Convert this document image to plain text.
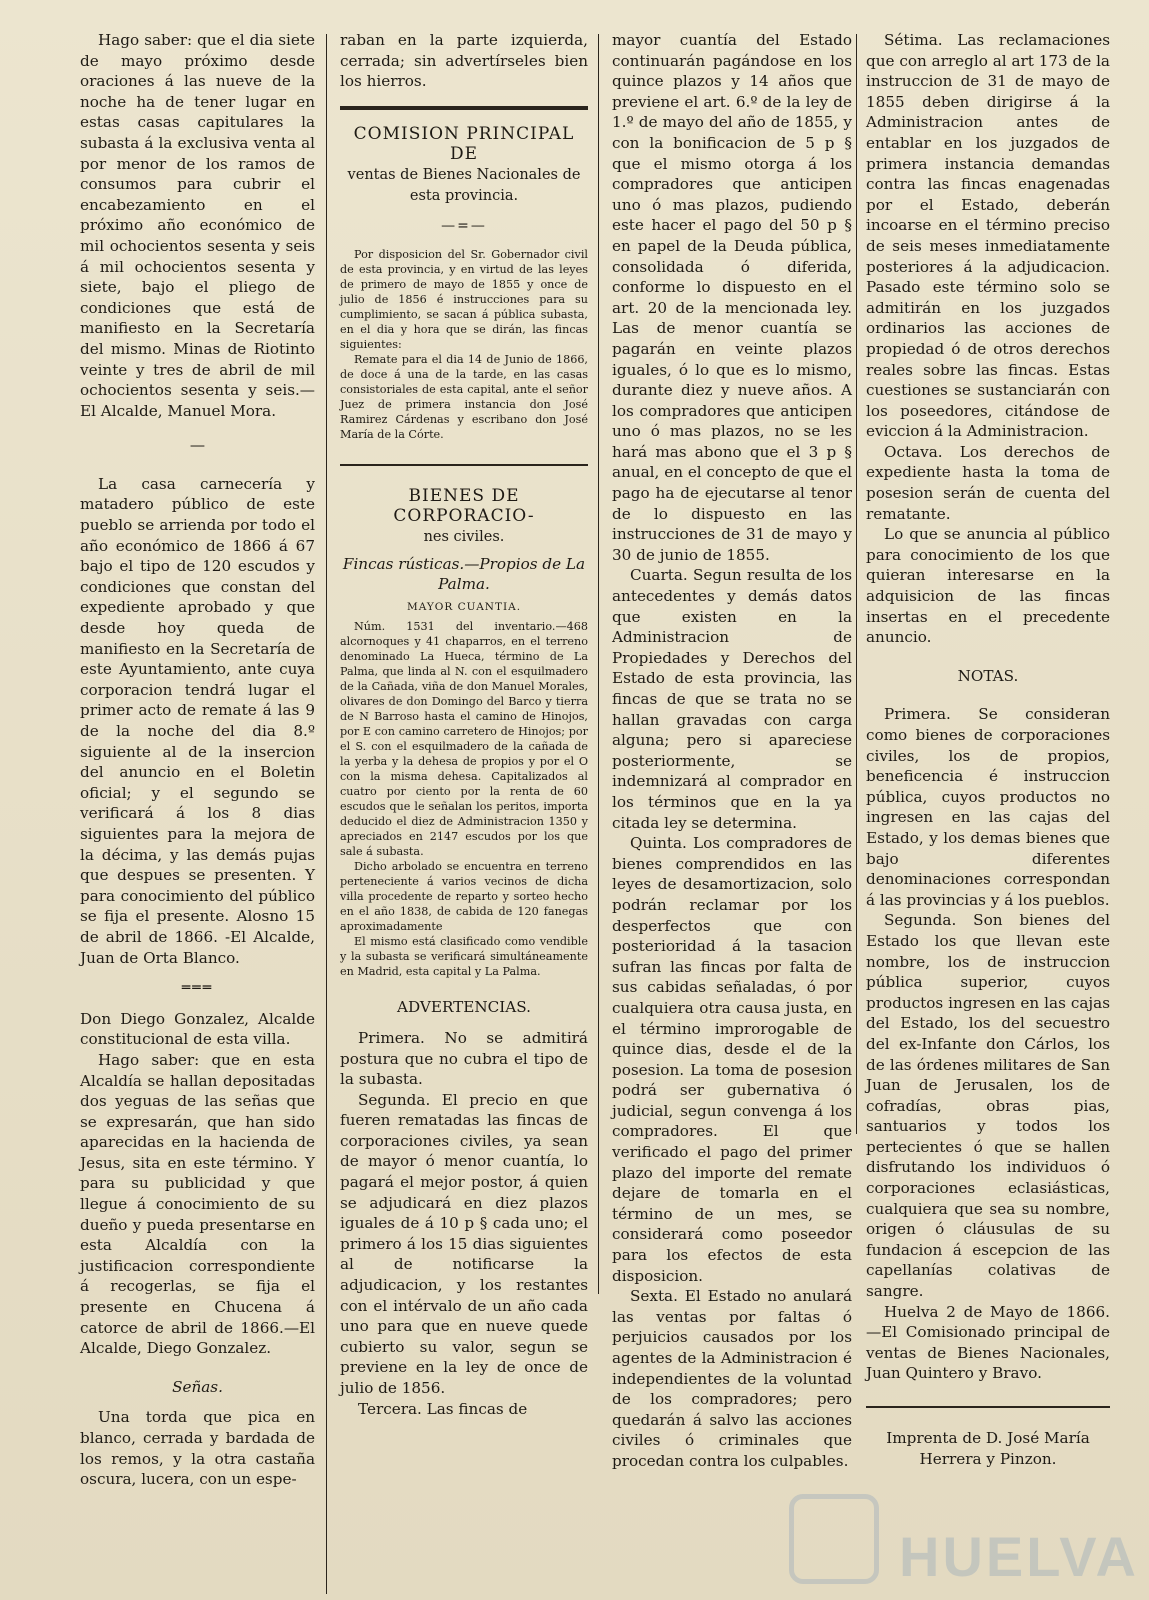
Hago saber: que el dia siete de mayo próximo desde oraciones á las nueve de la noche ha de tener lugar en estas casas capitulares la subasta á la exclusiva venta al por menor de los ramos de consumos para cubrir el encabezamiento en el próximo año económico de mil ochocientos sesenta y seis á mil ochocientos sesenta y siete, bajo el pliego de condiciones que está de manifiesto en la Secretaría del mismo. Minas de Riotinto veinte y tres de abril de mil ochocientos sesenta y seis.—El Alcalde, Manuel Mora.

—

La casa carnecería y matadero público de este pueblo se arrienda por todo el año económico de 1866 á 67 bajo el tipo de 120 escudos y condiciones que constan del expediente aprobado y que desde hoy queda de manifiesto en la Secretaría de este Ayuntamiento, ante cuya corporacion tendrá lugar el primer acto de remate á las 9 de la noche del dia 8.º siguiente al de la insercion del anuncio en el Boletin oficial; y el segundo se verificará á los 8 dias siguientes para la mejora de la décima, y las demás pujas que despues se presenten. Y para conocimiento del público se fija el presente. Alosno 15 de abril de 1866. -El Alcalde, Juan de Orta Blanco.

═══

Don Diego Gonzalez, Alcalde constitucional de esta villa.

Hago saber: que en esta Alcaldía se hallan depositadas dos yeguas de las señas que se expresarán, que han sido aparecidas en la hacienda de Jesus, sita en este término. Y para su publicidad y que llegue á conocimiento de su dueño y pueda presentarse en esta Alcaldía con la justificacion correspondiente á recogerlas, se fija el presente en Chucena á catorce de abril de 1866.—El Alcalde, Diego Gonzalez.

Señas.

Una torda que pica en blanco, cerrada y bardada de los remos, y la otra castaña oscura, lucera, con un espe-

raban en la parte izquierda, cerrada; sin advertírseles bien los hierros.

COMISION PRINCIPAL DE

ventas de Bienes Nacionales de esta provincia.

—=—

Por disposicion del Sr. Gobernador civil de esta provincia, y en virtud de las leyes de primero de mayo de 1855 y once de julio de 1856 é instrucciones para su cumplimiento, se sacan á pública subasta, en el dia y hora que se dirán, las fincas siguientes:

Remate para el dia 14 de Junio de 1866, de doce á una de la tarde, en las casas consistoriales de esta capital, ante el señor Juez de primera instancia don José Ramirez Cárdenas y escribano don José María de la Córte.

BIENES DE CORPORACIO-

nes civiles.

Fincas rústicas.—Propios de La Palma.

MAYOR CUANTIA.

Núm. 1531 del inventario.—468 alcornoques y 41 chaparros, en el terreno denominado La Hueca, término de La Palma, que linda al N. con el esquilmadero de la Cañada, viña de don Manuel Morales, olivares de don Domingo del Barco y tierra de N Barroso hasta el camino de Hinojos, por E con camino carretero de Hinojos; por el S. con el esquilmadero de la cañada de la yerba y la dehesa de propios y por el O con la misma dehesa. Capitalizados al cuatro por ciento por la renta de 60 escudos que le señalan los peritos, importa deducido el diez de Administracion 1350 y apreciados en 2147 escudos por los que sale á subasta.

Dicho arbolado se encuentra en terreno perteneciente á varios vecinos de dicha villa procedente de reparto y sorteo hecho en el año 1838, de cabida de 120 fanegas aproximadamente

El mismo está clasificado como vendible y la subasta se verificará simultáneamente en Madrid, esta capital y La Palma.

ADVERTENCIAS.

Primera. No se admitirá postura que no cubra el tipo de la subasta.

Segunda. El precio en que fueren rematadas las fincas de corporaciones civiles, ya sean de mayor ó menor cuantía, lo pagará el mejor postor, á quien se adjudicará en diez plazos iguales de á 10 p § cada uno; el primero á los 15 dias siguientes al de notificarse la adjudicacion, y los restantes con el intérvalo de un año cada uno para que en nueve quede cubierto su valor, segun se previene en la ley de once de julio de 1856.

Tercera. Las fincas de

mayor cuantía del Estado continuarán pagándose en los quince plazos y 14 años que previene el art. 6.º de la ley de 1.º de mayo del año de 1855, y con la bonificacion de 5 p § que el mismo otorga á los compradores que anticipen uno ó mas plazos, pudiendo este hacer el pago del 50 p § en papel de la Deuda pública, consolidada ó diferida, conforme lo dispuesto en el art. 20 de la mencionada ley. Las de menor cuantía se pagarán en veinte plazos iguales, ó lo que es lo mismo, durante diez y nueve años. A los compradores que anticipen uno ó mas plazos, no se les hará mas abono que el 3 p § anual, en el concepto de que el pago ha de ejecutarse al tenor de lo dispuesto en las instrucciones de 31 de mayo y 30 de junio de 1855.

Cuarta. Segun resulta de los antecedentes y demás datos que existen en la Administracion de Propiedades y Derechos del Estado de esta provincia, las fincas de que se trata no se hallan gravadas con carga alguna; pero si apareciese posteriormente, se indemnizará al comprador en los términos que en la ya citada ley se determina.

Quinta. Los compradores de bienes comprendidos en las leyes de desamortizacion, solo podrán reclamar por los desperfectos que con posterioridad á la tasacion sufran las fincas por falta de sus cabidas señaladas, ó por cualquiera otra causa justa, en el término improrogable de quince dias, desde el de la posesion. La toma de posesion podrá ser gubernativa ó judicial, segun convenga á los compradores. El que verificado el pago del primer plazo del importe del remate dejare de tomarla en el término de un mes, se considerará como poseedor para los efectos de esta disposicion.

Sexta. El Estado no anulará las ventas por faltas ó perjuicios causados por los agentes de la Administracion é independientes de la voluntad de los compradores; pero quedarán á salvo las acciones civiles ó criminales que procedan contra los culpables.

Sétima. Las reclamaciones que con arreglo al art 173 de la instruccion de 31 de mayo de 1855 deben dirigirse á la Administracion antes de entablar en los juzgados de primera instancia demandas contra las fincas enagenadas por el Estado, deberán incoarse en el término preciso de seis meses inmediatamente posteriores á la adjudicacion. Pasado este término solo se admitirán en los juzgados ordinarios las acciones de propiedad ó de otros derechos reales sobre las fincas. Estas cuestiones se sustanciarán con los poseedores, citándose de eviccion á la Administracion.

Octava. Los derechos de expediente hasta la toma de posesion serán de cuenta del rematante.

Lo que se anuncia al público para conocimiento de los que quieran interesarse en la adquisicion de las fincas insertas en el precedente anuncio.

NOTAS.

Primera. Se consideran como bienes de corporaciones civiles, los de propios, beneficencia é instruccion pública, cuyos productos no ingresen en las cajas del Estado, y los demas bienes que bajo diferentes denominaciones correspondan á las provincias y á los pueblos.

Segunda. Son bienes del Estado los que llevan este nombre, los de instruccion pública superior, cuyos productos ingresen en las cajas del Estado, los del secuestro del ex-Infante don Cárlos, los de las órdenes militares de San Juan de Jerusalen, los de cofradías, obras pias, santuarios y todos los pertecientes ó que se hallen disfrutando los individuos ó corporaciones eclasiásticas, cualquiera que sea su nombre, origen ó cláusulas de su fundacion á escepcion de las capellanías colativas de sangre.

Huelva 2 de Mayo de 1866.—El Comisionado principal de ventas de Bienes Nacionales, Juan Quintero y Bravo.

Imprenta de D. José María Herrera y Pinzon.

HUELVA
